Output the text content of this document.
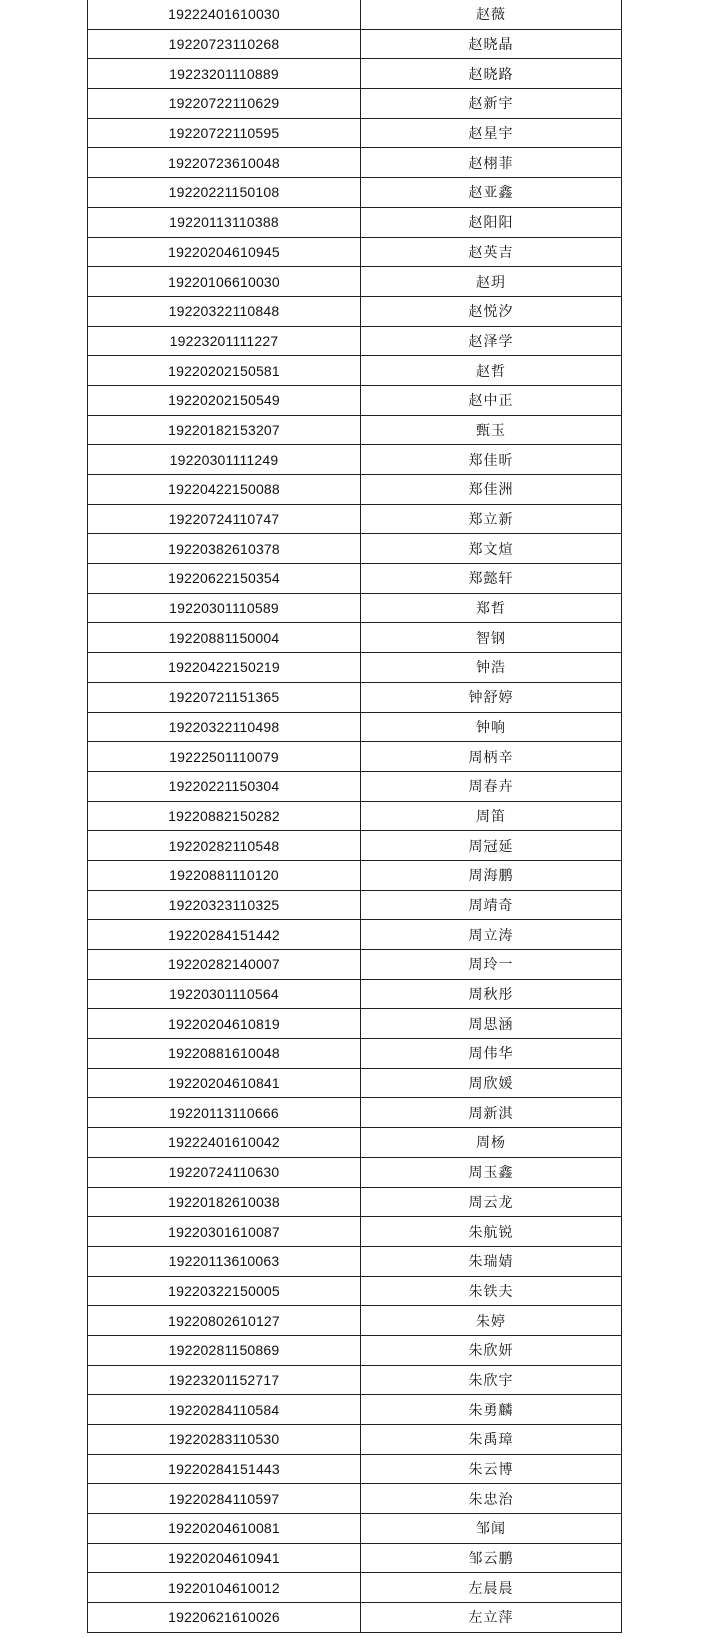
19222401610030	赵薇
19220723110268	赵晓晶
19223201110889	赵晓路
19220722110629	赵新宇
19220722110595	赵星宇
19220723610048	赵栩菲
19220221150108	赵亚鑫
19220113110388	赵阳阳
19220204610945	赵英吉
19220106610030	赵玥
19220322110848	赵悦汐
19223201111227	赵泽学
19220202150581	赵哲
19220202150549	赵中正
19220182153207	甄玉
19220301111249	郑佳昕
19220422150088	郑佳洲
19220724110747	郑立新
19220382610378	郑文煊
19220622150354	郑懿轩
19220301110589	郑哲
19220881150004	智钢
19220422150219	钟浩
19220721151365	钟舒婷
19220322110498	钟响
19222501110079	周柄辛
19220221150304	周春卉
19220882150282	周笛
19220282110548	周冠延
19220881110120	周海鹏
19220323110325	周靖奇
19220284151442	周立涛
19220282140007	周玲一
19220301110564	周秋彤
19220204610819	周思涵
19220881610048	周伟华
19220204610841	周欣媛
19220113110666	周新淇
19222401610042	周杨
19220724110630	周玉鑫
19220182610038	周云龙
19220301610087	朱航锐
19220113610063	朱瑞婧
19220322150005	朱铁夫
19220802610127	朱婷
19220281150869	朱欣妍
19223201152717	朱欣宇
19220284110584	朱勇麟
19220283110530	朱禹璋
19220284151443	朱云博
19220284110597	朱忠治
19220204610081	邹闻
19220204610941	邹云鹏
19220104610012	左晨晨
19220621610026	左立萍
